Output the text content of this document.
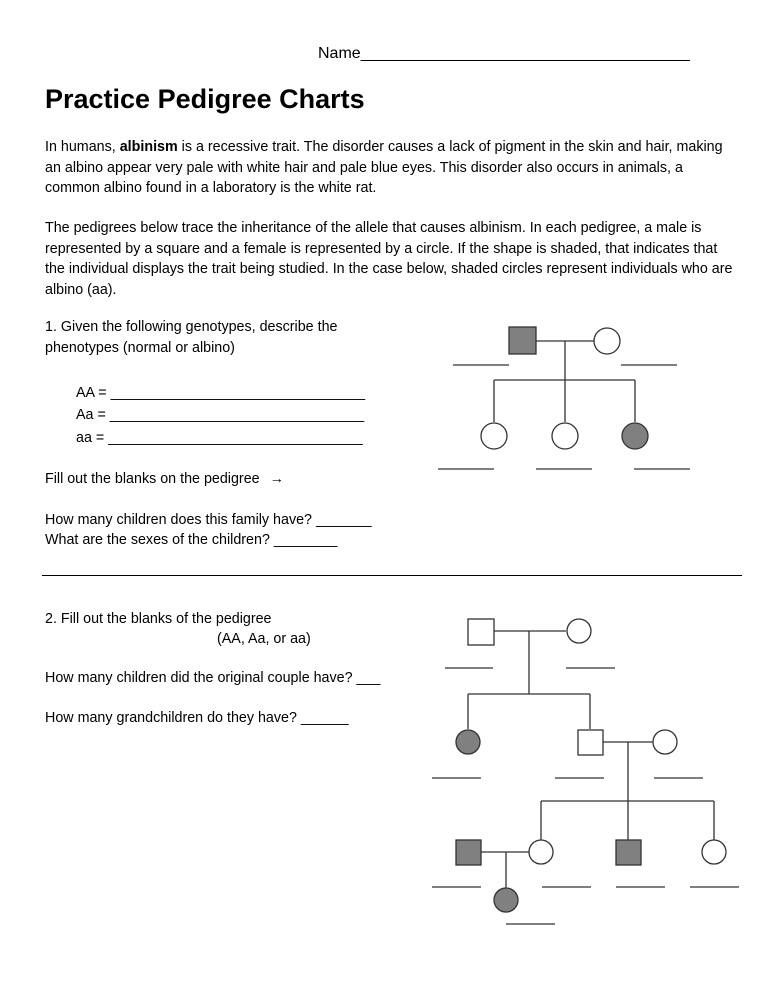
Name_____________________________________
Practice Pedigree Charts

In humans, albinism is a recessive trait. The disorder causes a lack of pigment in the skin and hair, making an albino appear very pale with white hair and pale blue eyes. This disorder also occurs in animals, a common albino found in a laboratory is the white rat.

The pedigrees below trace the inheritance of the allele that causes albinism. In each pedigree, a male is represented by a square and a female is represented by a circle. If the shape is shaded, that indicates that the individual displays the trait being studied. In the case below, shaded circles represent individuals who are albino (aa).

1. Given the following genotypes, describe the
phenotypes (normal or albino)
AA = ________________________________
Aa = ________________________________
aa = ________________________________
Fill out the blanks on the pedigree →
How many children does this family have? _______
What are the sexes of the children? ________
2. Fill out the blanks of the pedigree
(AA, Aa, or aa)
How many children did the original couple have? ___
How many grandchildren do they have? ______
